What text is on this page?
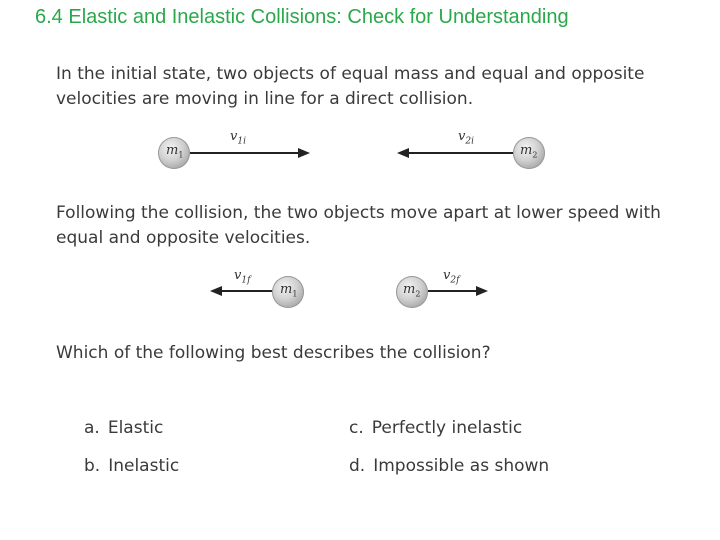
6.4 Elastic and Inelastic Collisions: Check for Understanding
In the initial state, two objects of equal mass and equal and opposite velocities are moving in line for a direct collision.
$m_1$
$v_{1i}$	$v_{2i}$
$m_2$
Following the collision, the two objects move apart at lower speed with equal and opposite velocities.
$v_{1f}$
$m_1$	$m_2$
$v_{2f}$
Which of the following best describes the collision?
a. Elastic
b. Inelastic
c. Perfectly inelastic
d. Impossible as shown
